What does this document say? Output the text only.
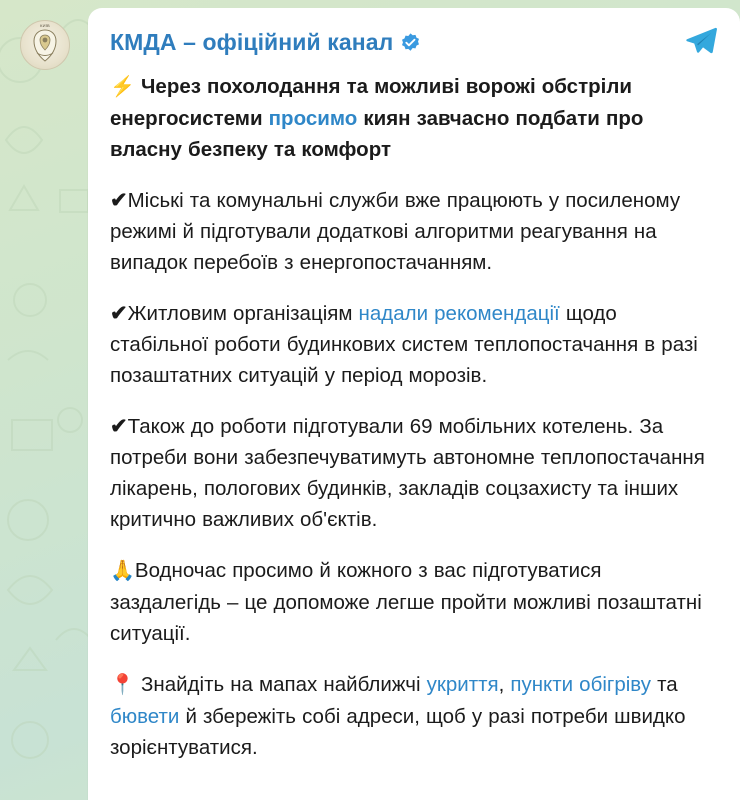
КИЇВ
КМДА – офіційний канал

⚡ Через похолодання та можливі ворожі обстріли енергосистеми просимо киян завчасно подбати про власну безпеку та комфорт

✔Міські та комунальні служби вже працюють у посиленому режимі й підготували додаткові алгоритми реагування на випадок перебоїв з енергопостачанням.

✔Житловим організаціям надали рекомендації щодо стабільної роботи будинкових систем теплопостачання в разі позаштатних ситуацій у період морозів.

✔Також до роботи підготували 69 мобільних котелень. За потреби вони забезпечуватимуть автономне теплопостачання лікарень, пологових будинків, закладів соцзахисту та інших критично важливих об'єктів.

🙏Водночас просимо й кожного з вас підготуватися заздалегідь – це допоможе легше пройти можливі позаштатні ситуації.

📍 Знайдіть на мапах найближчі укриття, пункти обігріву та бювети й збережіть собі адреси, щоб у разі потреби швидко зорієнтуватися.
